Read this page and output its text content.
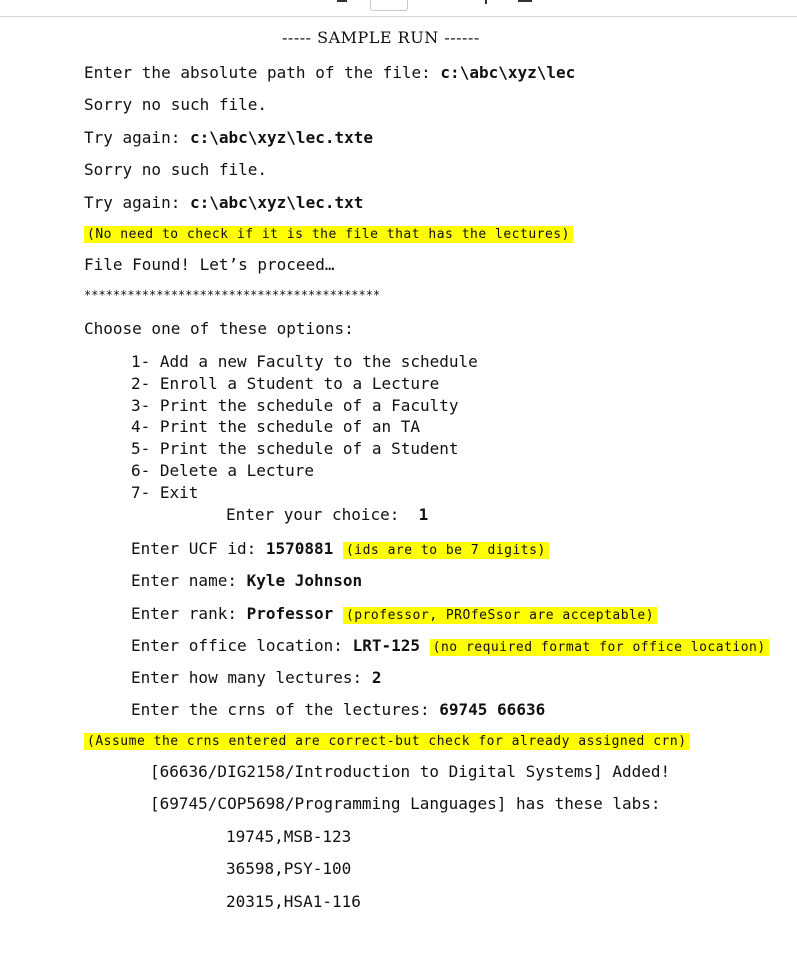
----- SAMPLE RUN ------
Enter the absolute path of the file: c:\abc\xyz\lec
Sorry no such file.
Try again: c:\abc\xyz\lec.txte
Sorry no such file.
Try again: c:\abc\xyz\lec.txt
(No need to check if it is the file that has the lectures)
File Found! Let’s proceed…
*****************************************
Choose one of these options:
1- Add a new Faculty to the schedule
2- Enroll a Student to a Lecture
3- Print the schedule of a Faculty
4- Print the schedule of an TA
5- Print the schedule of a Student
6- Delete a Lecture
7- Exit
Enter your choice:  1
Enter UCF id: 1570881 (ids are to be 7 digits)
Enter name: Kyle Johnson
Enter rank: Professor (professor, PROfeSsor are acceptable)
Enter office location: LRT-125 (no required format for office location)
Enter how many lectures: 2
Enter the crns of the lectures: 69745 66636
(Assume the crns entered are correct-but check for already assigned crn)
[66636/DIG2158/Introduction to Digital Systems] Added!
[69745/COP5698/Programming Languages] has these labs:
19745,MSB-123
36598,PSY-100
20315,HSA1-116
